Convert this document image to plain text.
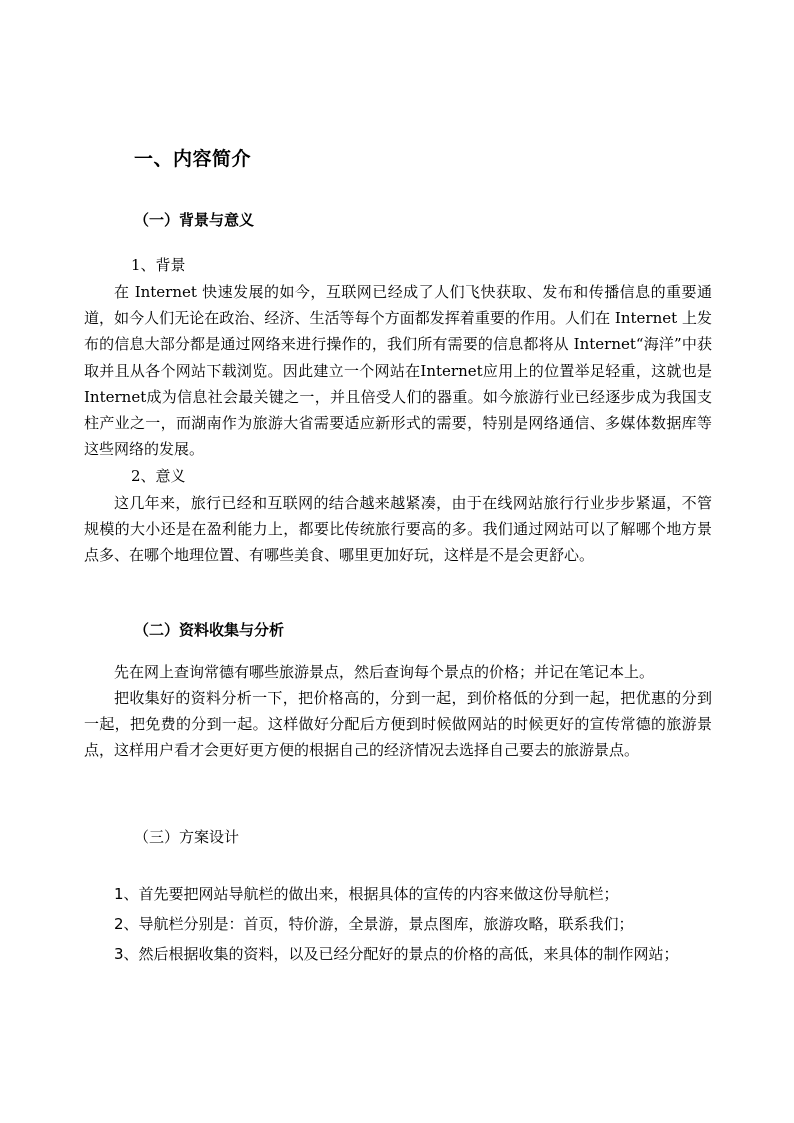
一、内容简介
（一）背景与意义
1、背景

在 Internet 快速发展的如今，互联网已经成了人们飞快获取、发布和传播信息的重要通道，如今人们无论在政治、经济、生活等每个方面都发挥着重要的作用。人们在 Internet 上发布的信息大部分都是通过网络来进行操作的，我们所有需要的信息都将从 Internet“海洋”中获取并且从各个网站下载浏览。因此建立一个网站在Internet应用上的位置举足轻重，这就也是Internet成为信息社会最关键之一，并且倍受人们的器重。如今旅游行业已经逐步成为我国支柱产业之一，而湖南作为旅游大省需要适应新形式的需要，特别是网络通信、多媒体数据库等这些网络的发展。

2、意义

这几年来，旅行已经和互联网的结合越来越紧凑，由于在线网站旅行行业步步紧逼，不管规模的大小还是在盈利能力上，都要比传统旅行要高的多。我们通过网站可以了解哪个地方景点多、在哪个地理位置、有哪些美食、哪里更加好玩，这样是不是会更舒心。

（二）资料收集与分析

先在网上查询常德有哪些旅游景点，然后查询每个景点的价格；并记在笔记本上。

把收集好的资料分析一下，把价格高的，分到一起，到价格低的分到一起，把优惠的分到一起，把免费的分到一起。这样做好分配后方便到时候做网站的时候更好的宣传常德的旅游景点，这样用户看才会更好更方便的根据自己的经济情况去选择自己要去的旅游景点。

（三）方案设计

1、首先要把网站导航栏的做出来，根据具体的宣传的内容来做这份导航栏；

2、导航栏分别是：首页，特价游，全景游，景点图库，旅游攻略，联系我们；

3、然后根据收集的资料，以及已经分配好的景点的价格的高低，来具体的制作网站；
